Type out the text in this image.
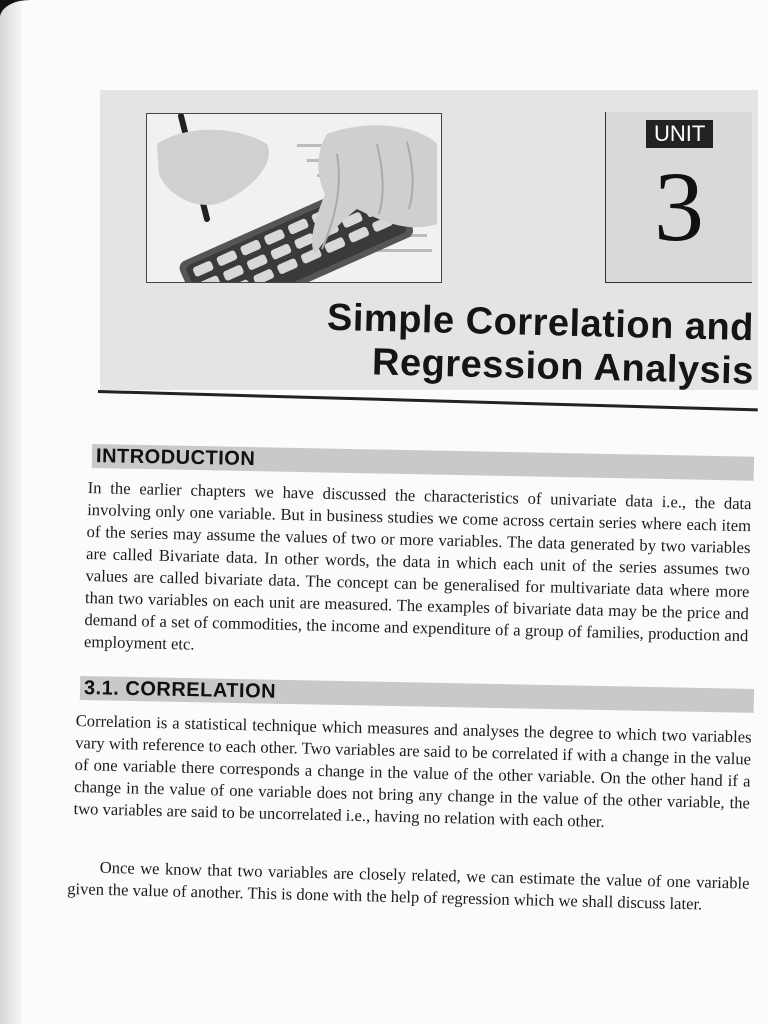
UNIT
3
Simple Correlation and
Regression Analysis
INTRODUCTION

In the earlier chapters we have discussed the characteristics of univariate data i.e., the data involving only one variable. But in business studies we come across certain series where each item of the series may assume the values of two or more variables. The data generated by two variables are called Bivariate data. In other words, the data in which each unit of the series assumes two values are called bivariate data. The concept can be generalised for multivariate data where more than two variables on each unit are measured. The examples of bivariate data may be the price and demand of a set of commodities, the income and expenditure of a group of families, production and employment etc.

3.1. CORRELATION

Correlation is a statistical technique which measures and analyses the degree to which two variables vary with reference to each other. Two variables are said to be correlated if with a change in the value of one variable there corresponds a change in the value of the other variable. On the other hand if a change in the value of one variable does not bring any change in the value of the other variable, the two variables are said to be uncorrelated i.e., having no relation with each other.

Once we know that two variables are closely related, we can estimate the value of one variable given the value of another. This is done with the help of regression which we shall discuss later.
